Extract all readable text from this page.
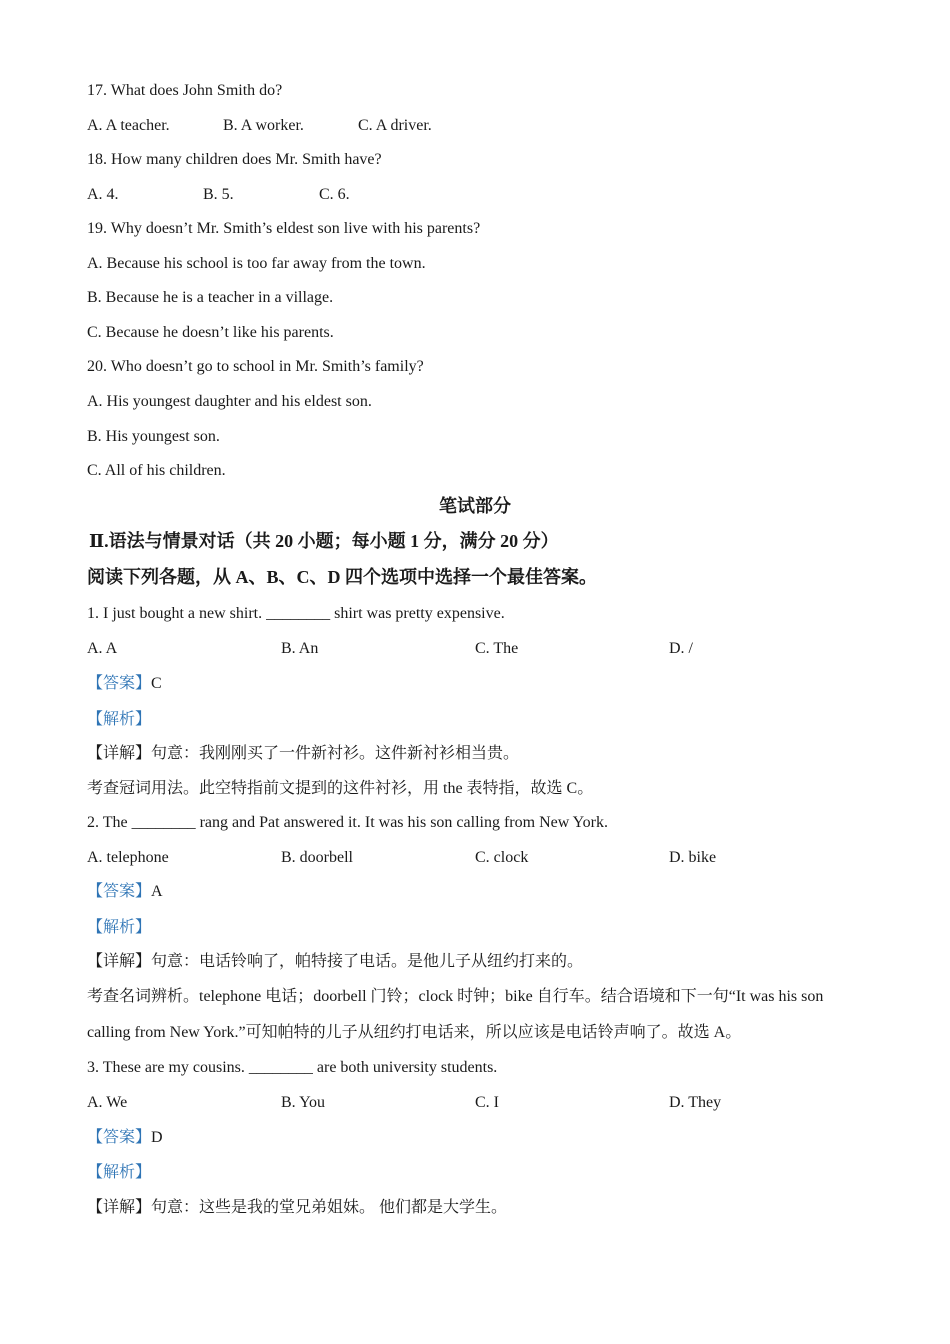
17. What does John Smith do?
A. A teacher.	B. A worker.	C. A driver.
18. How many children does Mr. Smith have?
A. 4.	B. 5.	C. 6.
19. Why doesn’t Mr. Smith’s eldest son live with his parents?
A. Because his school is too far away from the town.
B. Because he is a teacher in a village.
C. Because he doesn’t like his parents.
20. Who doesn’t go to school in Mr. Smith’s family?
A. His youngest daughter and his eldest son.
B. His youngest son.
C. All of his children.
笔试部分
Ⅱ.语法与情景对话（共 20 小题；每小题 1 分，满分 20 分）
阅读下列各题，从 A、B、C、D 四个选项中选择一个最佳答案。
1. I just bought a new shirt. ________ shirt was pretty expensive.
A. A	B. An	C. The	D. /
【答案】C
【解析】
【详解】句意：我刚刚买了一件新衬衫。这件新衬衫相当贵。
考查冠词用法。此空特指前文提到的这件衬衫，用 the 表特指，故选 C。
2. The ________ rang and Pat answered it. It was his son calling from New York.
A. telephone	B. doorbell	C. clock	D. bike
【答案】A
【解析】
【详解】句意：电话铃响了，帕特接了电话。是他儿子从纽约打来的。
考查名词辨析。telephone 电话；doorbell 门铃；clock 时钟；bike 自行车。结合语境和下一句“It was his son
calling from New York.”可知帕特的儿子从纽约打电话来，所以应该是电话铃声响了。故选 A。
3. These are my cousins. ________ are both university students.
A. We	B. You	C. I	D. They
【答案】D
【解析】
【详解】句意：这些是我的堂兄弟姐妹。 他们都是大学生。
